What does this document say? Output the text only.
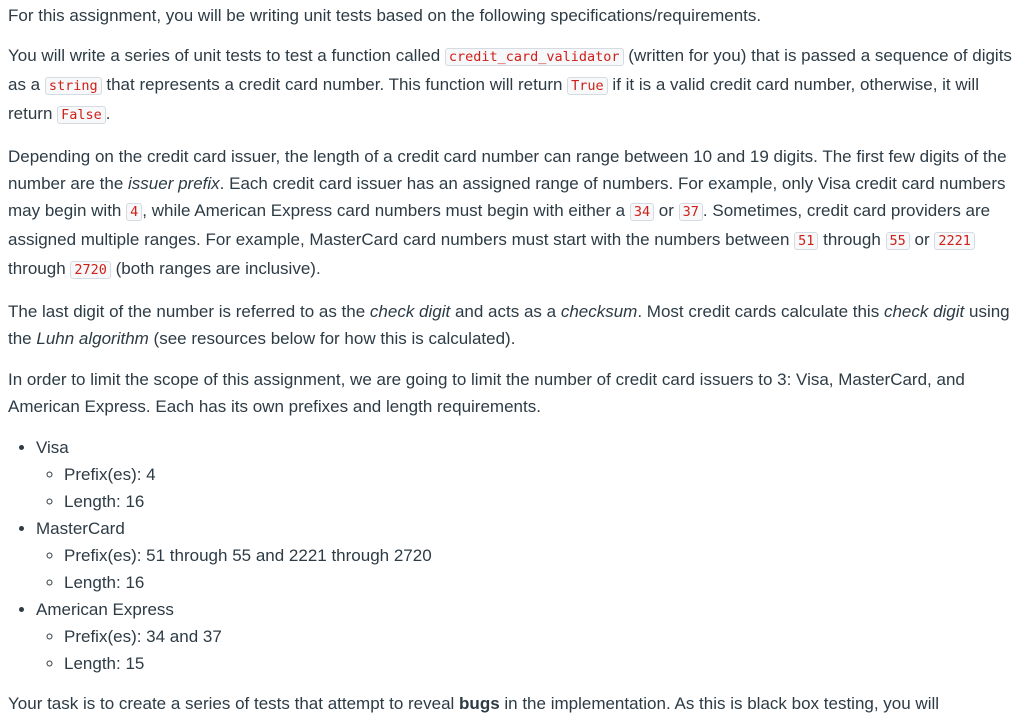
For this assignment, you will be writing unit tests based on the following specifications/requirements.

You will write a series of unit tests to test a function called credit_card_validator (written for you) that is passed a sequence of digits as a string that represents a credit card number. This function will return True if it is a valid credit card number, otherwise, it will return False .

Depending on the credit card issuer, the length of a credit card number can range between 10 and 19 digits. The first few digits of the number are the issuer prefix. Each credit card issuer has an assigned range of numbers. For example, only Visa credit card numbers may begin with 4 , while American Express card numbers must begin with either a 34 or 37 . Sometimes, credit card providers are assigned multiple ranges. For example, MasterCard card numbers must start with the numbers between 51 through 55 or 2221 through 2720 (both ranges are inclusive).

The last digit of the number is referred to as the check digit and acts as a checksum. Most credit cards calculate this check digit using the Luhn algorithm (see resources below for how this is calculated).

In order to limit the scope of this assignment, we are going to limit the number of credit card issuers to 3: Visa, MasterCard, and American Express. Each has its own prefixes and length requirements.

• Visa
◦ Prefix(es): 4
◦ Length: 16
• MasterCard
◦ Prefix(es): 51 through 55 and 2221 through 2720
◦ Length: 16
• American Express
◦ Prefix(es): 34 and 37
◦ Length: 15

Your task is to create a series of tests that attempt to reveal bugs in the implementation. As this is black box testing, you will
